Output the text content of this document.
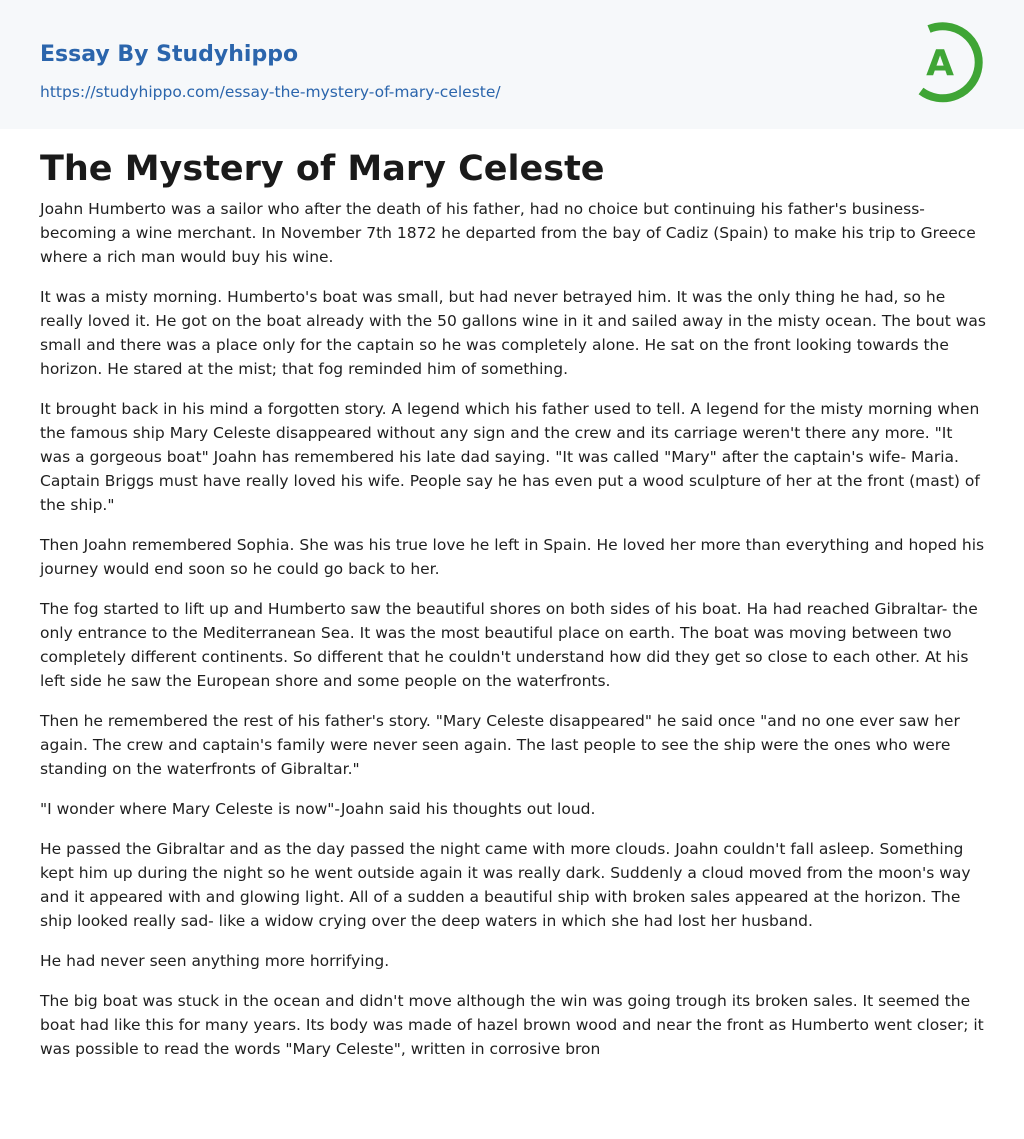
Essay By Studyhippo
https://studyhippo.com/essay-the-mystery-of-mary-celeste/
A
The Mystery of Mary Celeste

Joahn Humberto was a sailor who after the death of his father, had no choice but continuing his father's business- becoming a wine merchant. In November 7th 1872 he departed from the bay of Cadiz (Spain) to make his trip to Greece where a rich man would buy his wine.

It was a misty morning. Humberto's boat was small, but had never betrayed him. It was the only thing he had, so he really loved it. He got on the boat already with the 50 gallons wine in it and sailed away in the misty ocean. The bout was small and there was a place only for the captain so he was completely alone. He sat on the front looking towards the horizon. He stared at the mist; that fog reminded him of something.

It brought back in his mind a forgotten story. A legend which his father used to tell. A legend for the misty morning when the famous ship Mary Celeste disappeared without any sign and the crew and its carriage weren't there any more. "It was a gorgeous boat" Joahn has remembered his late dad saying. "It was called "Mary" after the captain's wife- Maria. Captain Briggs must have really loved his wife. People say he has even put a wood sculpture of her at the front (mast) of the ship."

Then Joahn remembered Sophia. She was his true love he left in Spain. He loved her more than everything and hoped his journey would end soon so he could go back to her.

The fog started to lift up and Humberto saw the beautiful shores on both sides of his boat. Ha had reached Gibraltar- the only entrance to the Mediterranean Sea. It was the most beautiful place on earth. The boat was moving between two completely different continents. So different that he couldn't understand how did they get so close to each other. At his left side he saw the European shore and some people on the waterfronts.

Then he remembered the rest of his father's story. "Mary Celeste disappeared" he said once "and no one ever saw her again. The crew and captain's family were never seen again. The last people to see the ship were the ones who were standing on the waterfronts of Gibraltar."

"I wonder where Mary Celeste is now"-Joahn said his thoughts out loud.

He passed the Gibraltar and as the day passed the night came with more clouds. Joahn couldn't fall asleep. Something kept him up during the night so he went outside again it was really dark. Suddenly a cloud moved from the moon's way and it appeared with and glowing light. All of a sudden a beautiful ship with broken sales appeared at the horizon. The ship looked really sad- like a widow crying over the deep waters in which she had lost her husband.

He had never seen anything more horrifying.

The big boat was stuck in the ocean and didn't move although the win was going trough its broken sales. It seemed the boat had like this for many years. Its body was made of hazel brown wood and near the front as Humberto went closer; it was possible to read the words "Mary Celeste", written in corrosive bron
